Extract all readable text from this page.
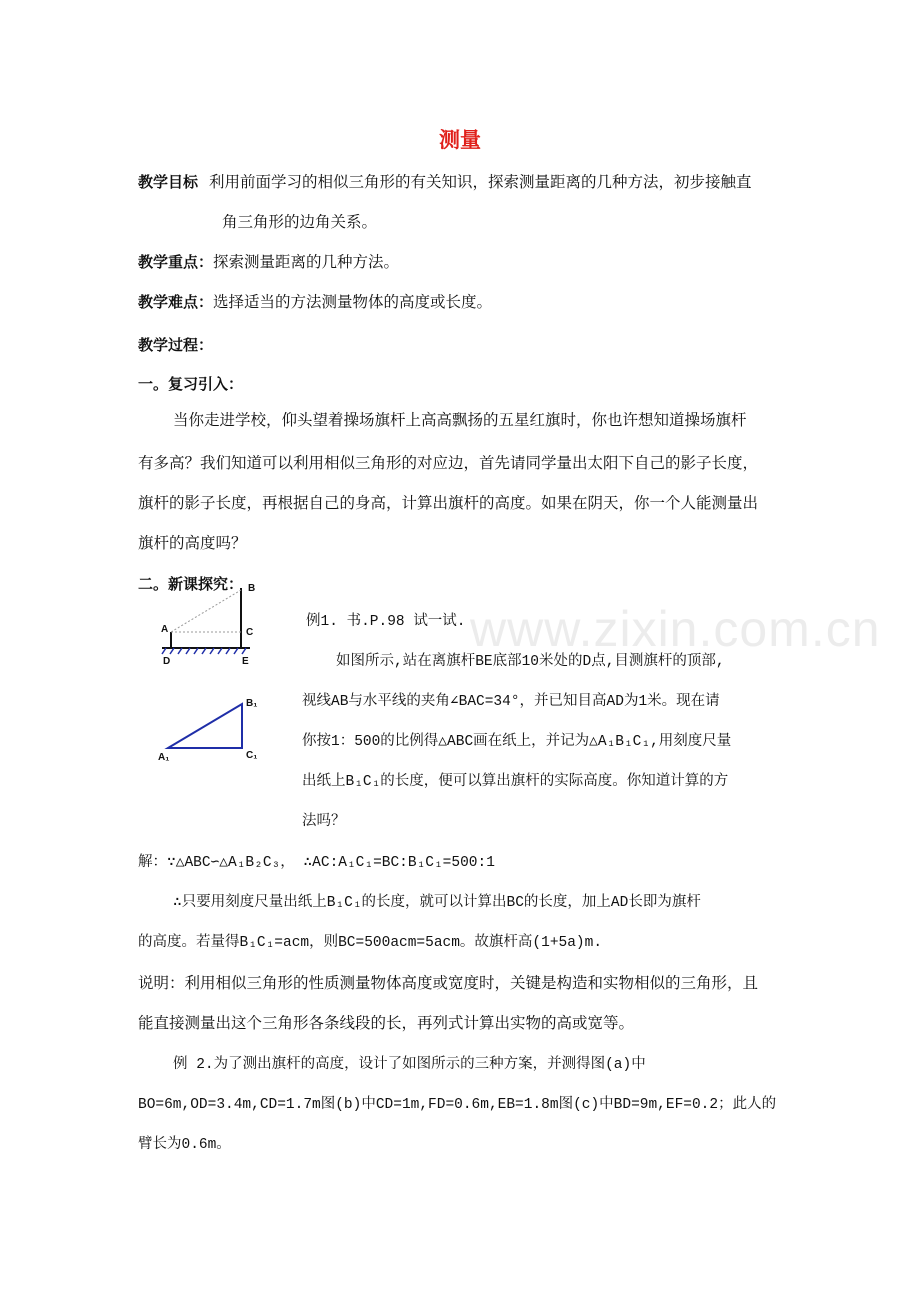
测量
教学目标 利用前面学习的相似三角形的有关知识，探索测量距离的几种方法，初步接触直
角三角形的边角关系。
教学重点：探索测量距离的几种方法。
教学难点：选择适当的方法测量物体的高度或长度。
教学过程：
一。复习引入：
当你走进学校，仰头望着操场旗杆上高高飘扬的五星红旗时，你也许想知道操场旗杆
有多高？我们知道可以利用相似三角形的对应边，首先请同学量出太阳下自己的影子长度，
旗杆的影子长度，再根据自己的身高，计算出旗杆的高度。如果在阴天，你一个人能测量出
旗杆的高度吗？
二。新课探究：
www.zixin.com.cn
B
A	C
D	E
B₁
A₁	C₁
例1. 书.P.98 试一试.
如图所示,站在离旗杆BE底部10米处的D点,目测旗杆的顶部,
视线AB与水平线的夹角∠BAC=34°，并已知目高AD为1米。现在请
你按1：500的比例得△ABC画在纸上，并记为△A₁B₁C₁,用刻度尺量
出纸上B₁C₁的长度，便可以算出旗杆的实际高度。你知道计算的方
法吗？
解：∵△ABC∽△A₁B₂C₃， ∴AC:A₁C₁=BC:B₁C₁=500:1
∴只要用刻度尺量出纸上B₁C₁的长度，就可以计算出BC的长度，加上AD长即为旗杆
的高度。若量得B₁C₁=acm，则BC=500acm=5acm。故旗杆高(1+5a)m.
说明：利用相似三角形的性质测量物体高度或宽度时，关键是构造和实物相似的三角形，且
能直接测量出这个三角形各条线段的长，再列式计算出实物的高或宽等。
例 2.为了测出旗杆的高度，设计了如图所示的三种方案，并测得图(a)中
BO=6m,OD=3.4m,CD=1.7m图(b)中CD=1m,FD=0.6m,EB=1.8m图(c)中BD=9m,EF=0.2；此人的
臂长为0.6m。
